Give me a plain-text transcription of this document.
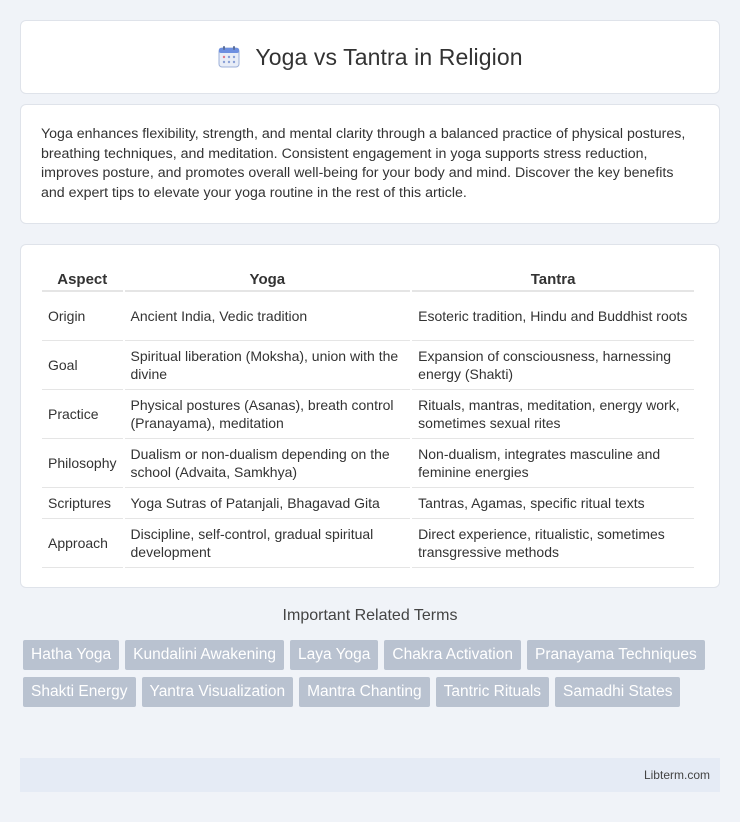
Yoga vs Tantra in Religion

Yoga enhances flexibility, strength, and mental clarity through a balanced practice of physical postures, breathing techniques, and meditation. Consistent engagement in yoga supports stress reduction, improves posture, and promotes overall well-being for your body and mind. Discover the key benefits and expert tips to elevate your yoga routine in the rest of this article.

Aspect	Yoga	Tantra
Origin	Ancient India, Vedic tradition	Esoteric tradition, Hindu and Buddhist roots
Goal	Spiritual liberation (Moksha), union with the divine	Expansion of consciousness, harnessing energy (Shakti)
Practice	Physical postures (Asanas), breath control (Pranayama), meditation	Rituals, mantras, meditation, energy work, sometimes sexual rites
Philosophy	Dualism or non-dualism depending on the school (Advaita, Samkhya)	Non-dualism, integrates masculine and feminine energies
Scriptures	Yoga Sutras of Patanjali, Bhagavad Gita	Tantras, Agamas, specific ritual texts
Approach	Discipline, self-control, gradual spiritual development	Direct experience, ritualistic, sometimes transgressive methods
Important Related Terms
Hatha Yoga	Kundalini Awakening	Laya Yoga	Chakra Activation	Pranayama Techniques
Shakti Energy	Yantra Visualization	Mantra Chanting	Tantric Rituals	Samadhi States
Libterm.com
